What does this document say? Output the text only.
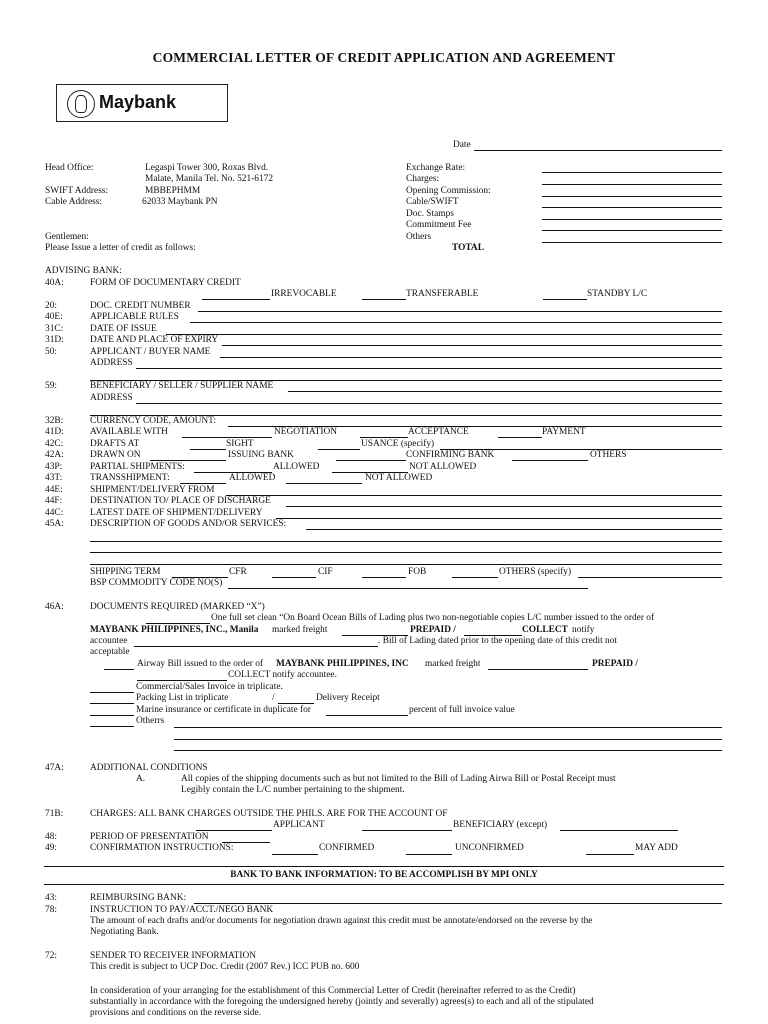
COMMERCIAL LETTER OF CREDIT APPLICATION AND AGREEMENT
Maybank
Date
Head Office:	Legaspi Tower 300, Roxas Blvd.
Malate, Manila Tel. No. 521-6172
SWIFT Address:	MBBEPHMM
Cable Address:	62033 Maybank PN
Exchange Rate:
Charges:
Opening Commission:
Cable/SWIFT
Doc. Stamps
Commitment Fee
Others
TOTAL
Gentlemen:
Please Issue a letter of credit as follows:
ADVISING BANK:
40A:	FORM OF DOCUMENTARY CREDIT
IRREVOCABLE	TRANSFERABLE	STANDBY L/C
20:	DOC. CREDIT NUMBER
40E:	APPLICABLE RULES
31C:	DATE OF ISSUE
31D:	DATE AND PLACE OF EXPIRY
50:	APPLICANT / BUYER NAME
ADDRESS
59:	BENEFICIARY / SELLER / SUPPLIER NAME
ADDRESS
32B:	CURRENCY CODE, AMOUNT:
41D:	AVAILABLE WITH	NEGOTIATION	ACCEPTANCE	PAYMENT
42C:	DRAFTS AT	SIGHT	USANCE (specify)
42A:	DRAWN ON	ISSUING BANK	CONFIRMING BANK	OTHERS
43P:	PARTIAL SHIPMENTS:	ALLOWED	NOT ALLOWED
43T:	TRANSSHIPMENT:	ALLOWED	NOT ALLOWED
44E:	SHIPMENT/DELIVERY FROM
44F:	DESTINATION TO/ PLACE OF DISCHARGE
44C:	LATEST DATE OF SHIPMENT/DELIVERY
45A:	DESCRIPTION OF GOODS AND/OR SERVICES:
SHIPPING TERM	CFR	CIF	FOB	OTHERS (specify)
BSP COMMODITY CODE NO(S)
46A:	DOCUMENTS REQUIRED (MARKED “X”)
One full set clean “On Board Ocean Bills of Lading plus two non-negotiable copies L/C number issued to the order of
MAYBANK PHILIPPINES, INC., Manila marked freight	PREPAID /	COLLECT notify
accountee	. Bill of Lading dated prior to the opening date of this credit not
acceptable
Airway Bill issued to the order of MAYBANK PHILIPPINES, INC marked freight	PREPAID /
COLLECT notify accountee.
Commercial/Sales Invoice in triplicate.
Packing List in triplicate	/	Delivery Receipt
Marine insurance or certificate in duplicate for	percent of full invoice value
Otherrs
47A:	ADDITIONAL CONDITIONS
A.	All copies of the shipping documents such as but not limited to the Bill of Lading Airwa Bill or Postal Receipt must
Legibly contain the L/C number pertaining to the shipment.
71B:	CHARGES: ALL BANK CHARGES OUTSIDE THE PHILS. ARE FOR THE ACCOUNT OF
APPLICANT	BENEFICIARY (except)
48:	PERIOD OF PRESENTATION
49:	CONFIRMATION INSTRUCTIONS:	CONFIRMED	UNCONFIRMED	MAY ADD
BANK TO BANK INFORMATION: TO BE ACCOMPLISH BY MPI ONLY
43:	REIMBURSING BANK:
78:	INSTRUCTION TO PAY/ACCT./NEGO BANK
The amount of each drafts and/or documents for negotiation drawn against this credit must be annotate/endorsed on the reverse by the
Negotiating Bank.
72:	SENDER TO RECEIVER INFORMATION
This credit is subject to UCP Doc. Credit (2007 Rev.) ICC PUB no. 600
In consideration of your arranging for the establishment of this Commercial Letter of Credit (hereinafter referred to as the Credit)
substantially in accordance with the foregoing the undersigned hereby (jointly and severally) agrees(s) to each and all of the stipulated
provisions and conditions on the reverse side.
